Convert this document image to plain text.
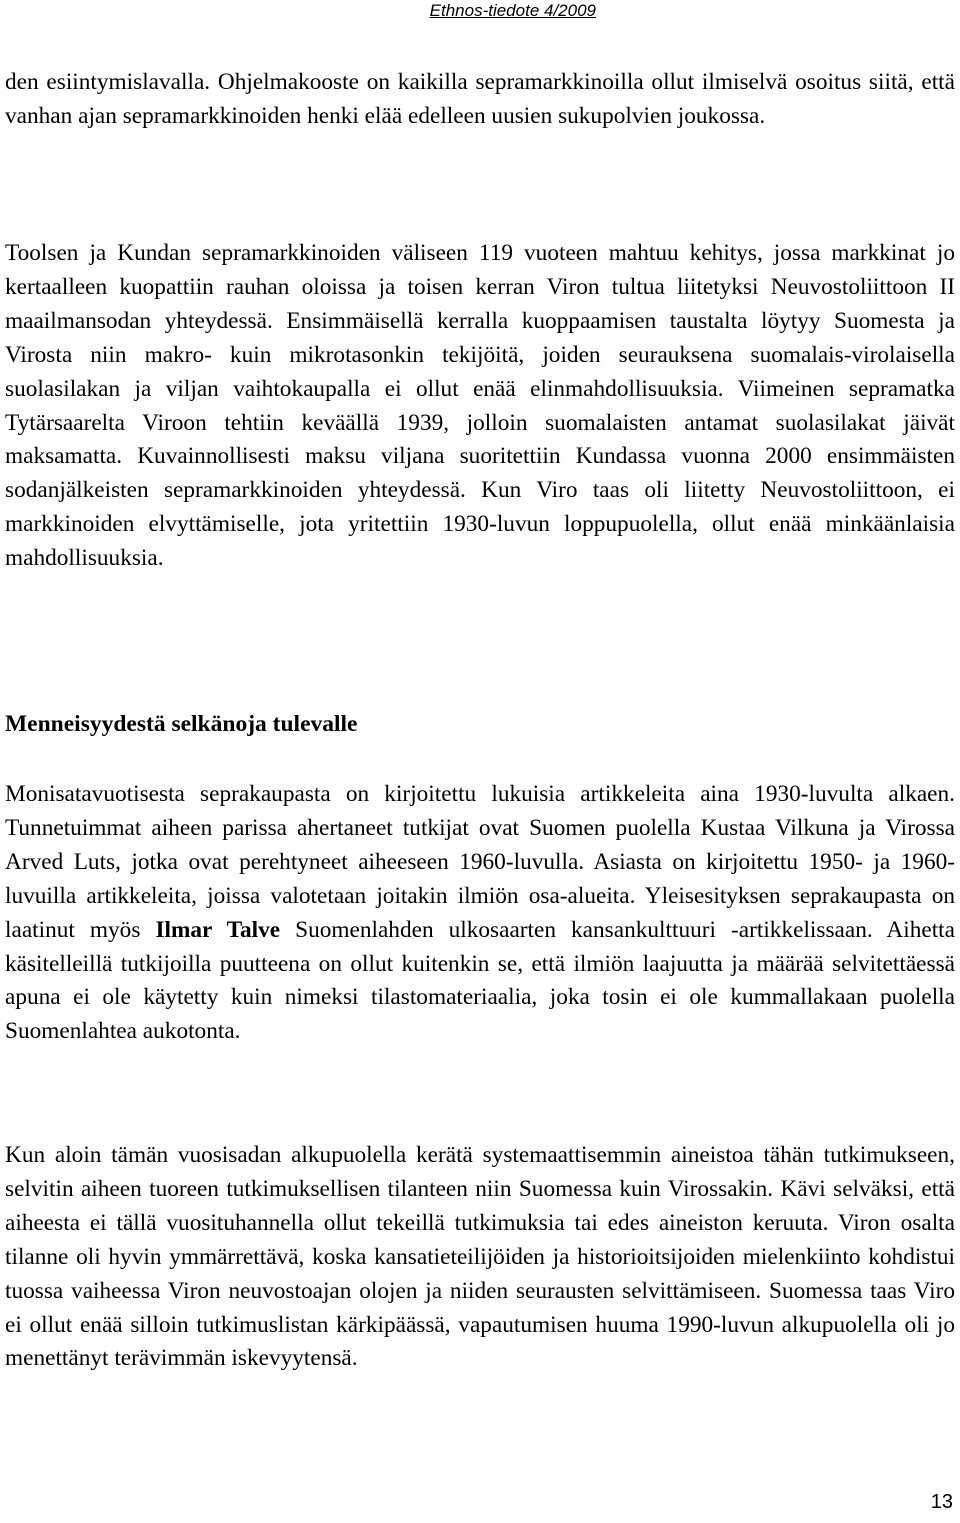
Ethnos-tiedote 4/2009

den esiintymislavalla. Ohjelmakooste on kaikilla sepramarkkinoilla ollut ilmiselvä osoitus siitä, että vanhan ajan sepramarkkinoiden henki elää edelleen uusien sukupolvien joukossa.

Toolsen ja Kundan sepramarkkinoiden väliseen 119 vuoteen mahtuu kehitys, jossa markkinat jo kertaalleen kuopattiin rauhan oloissa ja toisen kerran Viron tultua liitetyksi Neuvostoliittoon II maailmansodan yhteydessä. Ensimmäisellä kerralla kuoppaamisen taustalta löytyy Suomesta ja Virosta niin makro- kuin mikrotasonkin tekijöitä, joiden seurauksena suomalais-virolaisella suolasilakan ja viljan vaihtokaupalla ei ollut enää elinmahdollisuuksia. Viimeinen sepramatka Tytärsaarelta Viroon tehtiin keväällä 1939, jolloin suomalaisten antamat suolasilakat jäivät maksamatta. Kuvainnollisesti maksu viljana suoritettiin Kundassa vuonna 2000 ensimmäisten sodanjälkeisten sepramarkkinoiden yhteydessä. Kun Viro taas oli liitetty Neuvostoliittoon, ei markkinoiden elvyttämiselle, jota yritettiin 1930-luvun loppupuolella, ollut enää minkäänlaisia mahdollisuuksia.

Menneisyydestä selkänoja tulevalle

Monisatavuotisesta seprakaupasta on kirjoitettu lukuisia artikkeleita aina 1930-luvulta alkaen. Tunnetuimmat aiheen parissa ahertaneet tutkijat ovat Suomen puolella Kustaa Vilkuna ja Virossa Arved Luts, jotka ovat perehtyneet aiheeseen 1960-luvulla. Asiasta on kirjoitettu 1950- ja 1960-luvuilla artikkeleita, joissa valotetaan joitakin ilmiön osa-alueita. Yleisesityksen seprakaupasta on laatinut myös Ilmar Talve Suomenlahden ulkosaarten kansankulttuuri -artikkelissaan. Aihetta käsitelleillä tutkijoilla puutteena on ollut kuitenkin se, että ilmiön laajuutta ja määrää selvitettäessä apuna ei ole käytetty kuin nimeksi tilastomateriaalia, joka tosin ei ole kummallakaan puolella Suomenlahtea aukotonta.

Kun aloin tämän vuosisadan alkupuolella kerätä systemaattisemmin aineistoa tähän tutkimukseen, selvitin aiheen tuoreen tutkimuksellisen tilanteen niin Suomessa kuin Virossakin. Kävi selväksi, että aiheesta ei tällä vuosituhannella ollut tekeillä tutkimuksia tai edes aineiston keruuta. Viron osalta tilanne oli hyvin ymmärrettävä, koska kansatieteilijöiden ja historioitsijoiden mielenkiinto kohdistui tuossa vaiheessa Viron neuvostoajan olojen ja niiden seurausten selvittämiseen. Suomessa taas Viro ei ollut enää silloin tutkimuslistan kärkipäässä, vapautumisen huuma 1990-luvun alkupuolella oli jo menettänyt terävimmän iskevyytensä.

13
